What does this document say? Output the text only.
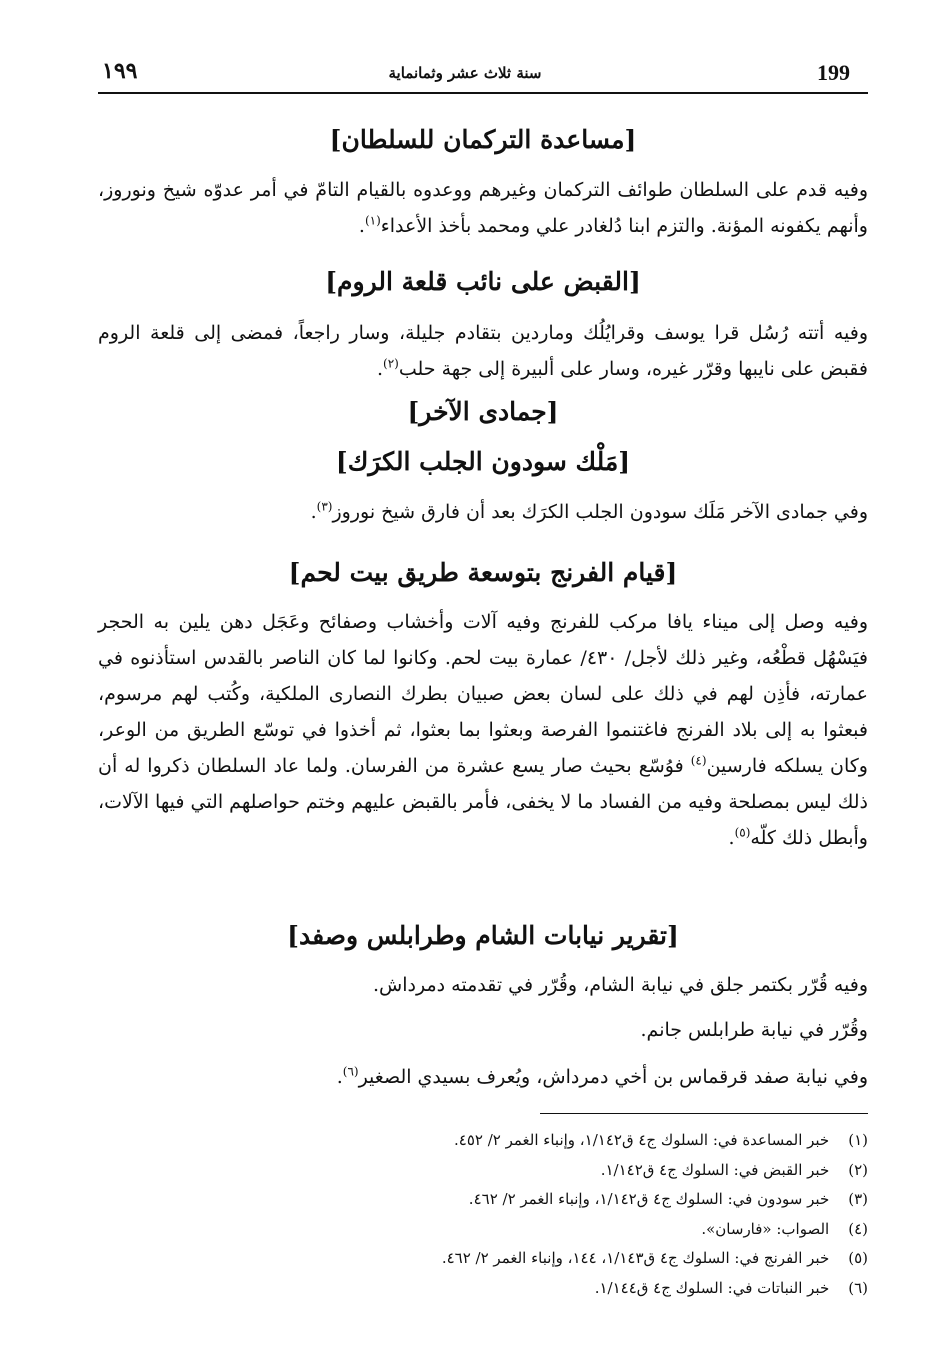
199
سنة ثلاث عشر وثمانماية
١٩٩
[مساعدة التركمان للسلطان]

وفيه قدم على السلطان طوائف التركمان وغيرهم ووعدوه بالقيام التامّ في أمر عدوّه شيخ ونوروز، وأنهم يكفونه المؤنة. والتزم ابنا دُلغادر علي ومحمد بأخذ الأعداء$^{(١)}$.

[القبض على نائب قلعة الروم]

وفيه أتته رُسُل قرا يوسف وقرايُلُك وماردين بتقادم جليلة، وسار راجعاً، فمضى إلى قلعة الروم فقبض على نايبها وقرّر غيره، وسار على ألبيرة إلى جهة حلب$^{(٢)}$.

[جمادى الآخر]
[مَلْك سودون الجلب الكرَك]

وفي جمادى الآخر مَلَك سودون الجلب الكرَك بعد أن فارق شيخ نوروز$^{(٣)}$.

[قيام الفرنج بتوسعة طريق بيت لحم]

وفيه وصل إلى ميناء يافا مركب للفرنج وفيه آلات وأخشاب وصفائح وعَجَل دهن يلين به الحجر فيَسْهُل قطْعُه، وغير ذلك لأجل/ ٤٣٠/ عمارة بيت لحم. وكانوا لما كان الناصر بالقدس استأذنوه في عمارته، فأذِن لهم في ذلك على لسان بعض صبيان بطرك النصارى الملكية، وكُتب لهم مرسوم، فبعثوا به إلى بلاد الفرنج فاغتنموا الفرصة وبعثوا بما بعثوا، ثم أخذوا في توسّع الطريق من الوعر، وكان يسلكه فارسين$^{(٤)}$ فوُسّع بحيث صار يسع عشرة من الفرسان. ولما عاد السلطان ذكروا له أن ذلك ليس بمصلحة وفيه من الفساد ما لا يخفى، فأمر بالقبض عليهم وختم حواصلهم التي فيها الآلات، وأبطل ذلك كلّه$^{(٥)}$.

[تقرير نيابات الشام وطرابلس وصفد]
وفيه قُرّر بكتمر جلق في نيابة الشام، وقُرّر في تقدمته دمرداش.
وقُرّر في نيابة طرابلس جانم.
وفي نيابة صفد قرقماس بن أخي دمرداش، ويُعرف بسيدي الصغير$^{(٦)}$.
(١) خبر المساعدة في: السلوك ج٤ ق١/١٤٢، وإنباء الغمر ٢/ ٤٥٢.
(٢) خبر القبض في: السلوك ج٤ ق١/١٤٢.
(٣) خبر سودون في: السلوك ج٤ ق١/١٤٢، وإنباء الغمر ٢/ ٤٦٢.
(٤) الصواب: «فارسان».
(٥) خبر الفرنج في: السلوك ج٤ ق١/١٤٣، ١٤٤، وإنباء الغمر ٢/ ٤٦٢.
(٦) خبر النباتات في: السلوك ج٤ ق١/١٤٤.
